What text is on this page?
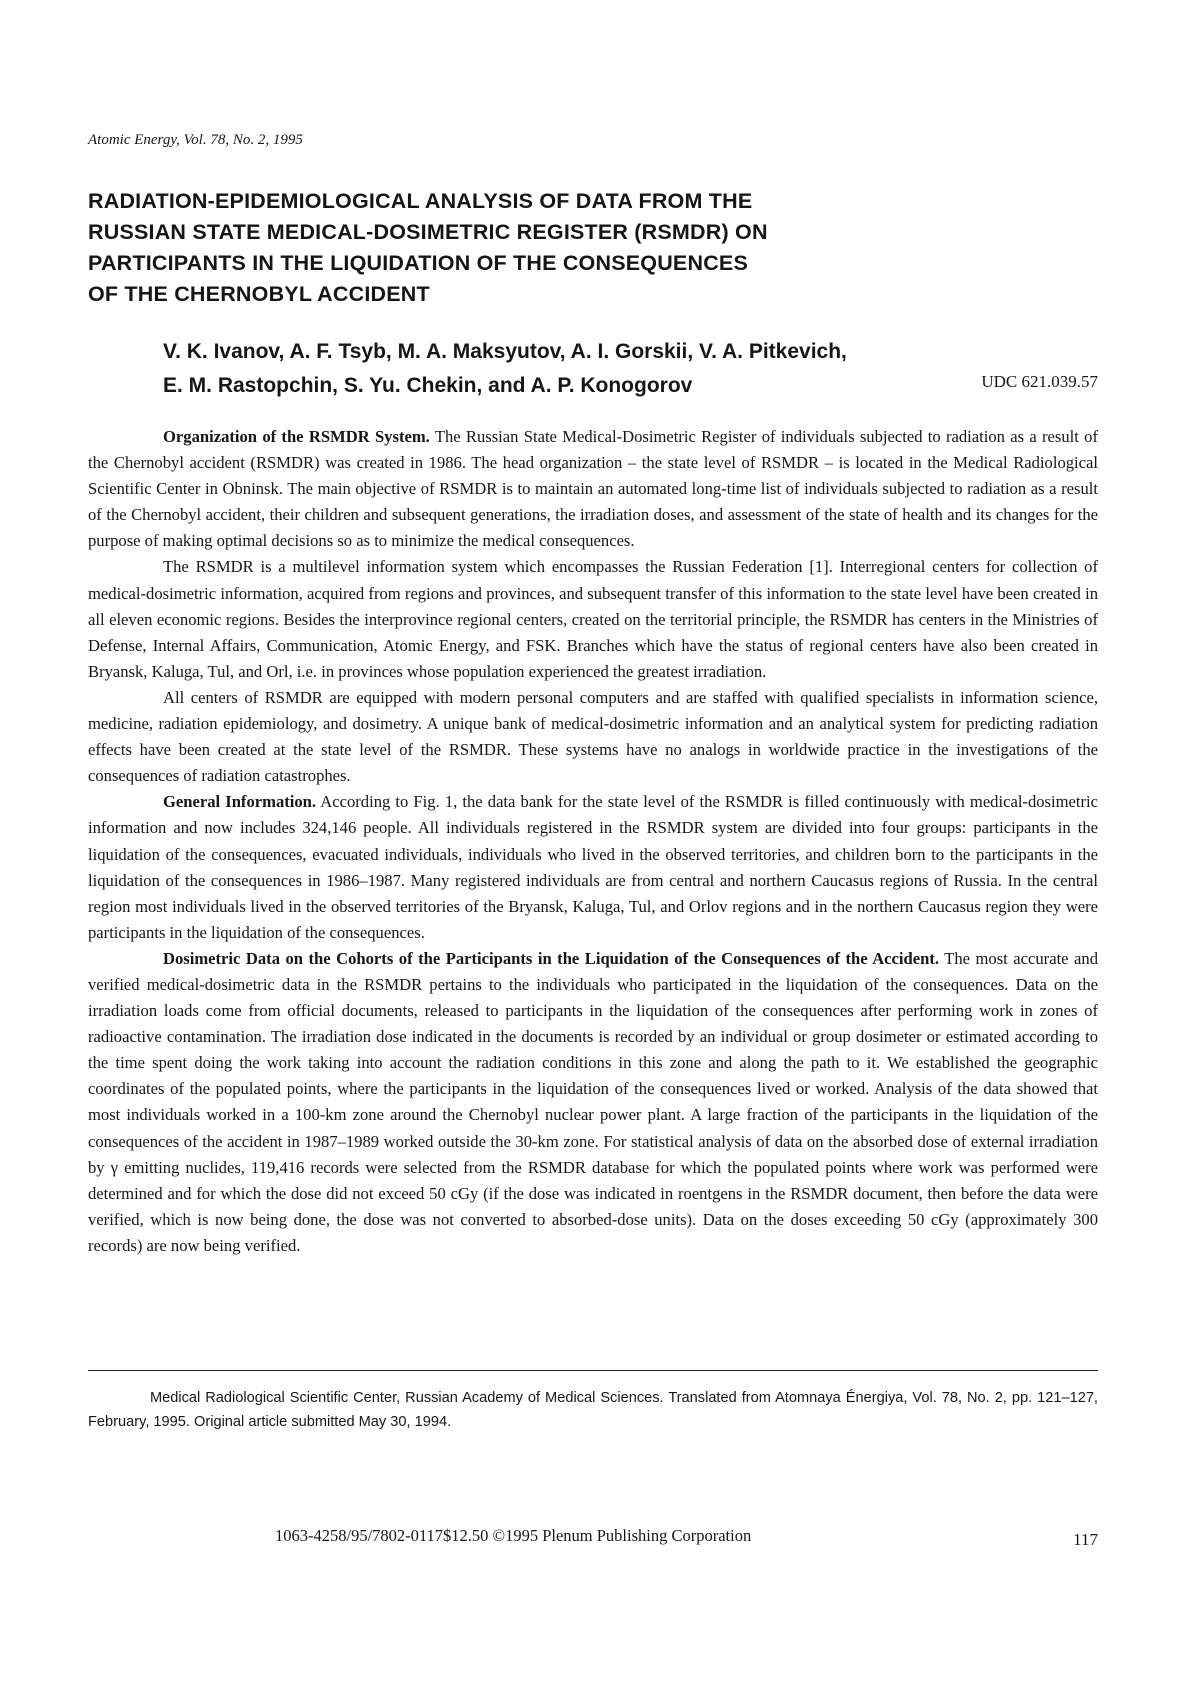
Atomic Energy, Vol. 78, No. 2, 1995
RADIATION-EPIDEMIOLOGICAL ANALYSIS OF DATA FROM THE
RUSSIAN STATE MEDICAL-DOSIMETRIC REGISTER (RSMDR) ON
PARTICIPANTS IN THE LIQUIDATION OF THE CONSEQUENCES
OF THE CHERNOBYL ACCIDENT
V. K. Ivanov, A. F. Tsyb, M. A. Maksyutov, A. I. Gorskii, V. A. Pitkevich,
E. M. Rastopchin, S. Yu. Chekin, and A. P. Konogorov	UDC 621.039.57

Organization of the RSMDR System. The Russian State Medical-Dosimetric Register of individuals subjected to radiation as a result of the Chernobyl accident (RSMDR) was created in 1986. The head organization – the state level of RSMDR – is located in the Medical Radiological Scientific Center in Obninsk. The main objective of RSMDR is to maintain an automated long-time list of individuals subjected to radiation as a result of the Chernobyl accident, their children and subsequent generations, the irradiation doses, and assessment of the state of health and its changes for the purpose of making optimal decisions so as to minimize the medical consequences.

The RSMDR is a multilevel information system which encompasses the Russian Federation [1]. Interregional centers for collection of medical-dosimetric information, acquired from regions and provinces, and subsequent transfer of this information to the state level have been created in all eleven economic regions. Besides the interprovince regional centers, created on the territorial principle, the RSMDR has centers in the Ministries of Defense, Internal Affairs, Communication, Atomic Energy, and FSK. Branches which have the status of regional centers have also been created in Bryansk, Kaluga, Tul, and Orl, i.e. in provinces whose population experienced the greatest irradiation.

All centers of RSMDR are equipped with modern personal computers and are staffed with qualified specialists in information science, medicine, radiation epidemiology, and dosimetry. A unique bank of medical-dosimetric information and an analytical system for predicting radiation effects have been created at the state level of the RSMDR. These systems have no analogs in worldwide practice in the investigations of the consequences of radiation catastrophes.

General Information. According to Fig. 1, the data bank for the state level of the RSMDR is filled continuously with medical-dosimetric information and now includes 324,146 people. All individuals registered in the RSMDR system are divided into four groups: participants in the liquidation of the consequences, evacuated individuals, individuals who lived in the observed territories, and children born to the participants in the liquidation of the consequences in 1986–1987. Many registered individuals are from central and northern Caucasus regions of Russia. In the central region most individuals lived in the observed territories of the Bryansk, Kaluga, Tul, and Orlov regions and in the northern Caucasus region they were participants in the liquidation of the consequences.

Dosimetric Data on the Cohorts of the Participants in the Liquidation of the Consequences of the Accident. The most accurate and verified medical-dosimetric data in the RSMDR pertains to the individuals who participated in the liquidation of the consequences. Data on the irradiation loads come from official documents, released to participants in the liquidation of the consequences after performing work in zones of radioactive contamination. The irradiation dose indicated in the documents is recorded by an individual or group dosimeter or estimated according to the time spent doing the work taking into account the radiation conditions in this zone and along the path to it. We established the geographic coordinates of the populated points, where the participants in the liquidation of the consequences lived or worked. Analysis of the data showed that most individuals worked in a 100-km zone around the Chernobyl nuclear power plant. A large fraction of the participants in the liquidation of the consequences of the accident in 1987–1989 worked outside the 30-km zone. For statistical analysis of data on the absorbed dose of external irradiation by γ emitting nuclides, 119,416 records were selected from the RSMDR database for which the populated points where work was performed were determined and for which the dose did not exceed 50 cGy (if the dose was indicated in roentgens in the RSMDR document, then before the data were verified, which is now being done, the dose was not converted to absorbed-dose units). Data on the doses exceeding 50 cGy (approximately 300 records) are now being verified.

Medical Radiological Scientific Center, Russian Academy of Medical Sciences. Translated from Atomnaya Énergiya, Vol. 78, No. 2, pp. 121–127, February, 1995. Original article submitted May 30, 1994.
1063-4258/95/7802-0117$12.50 ©1995 Plenum Publishing Corporation	117
